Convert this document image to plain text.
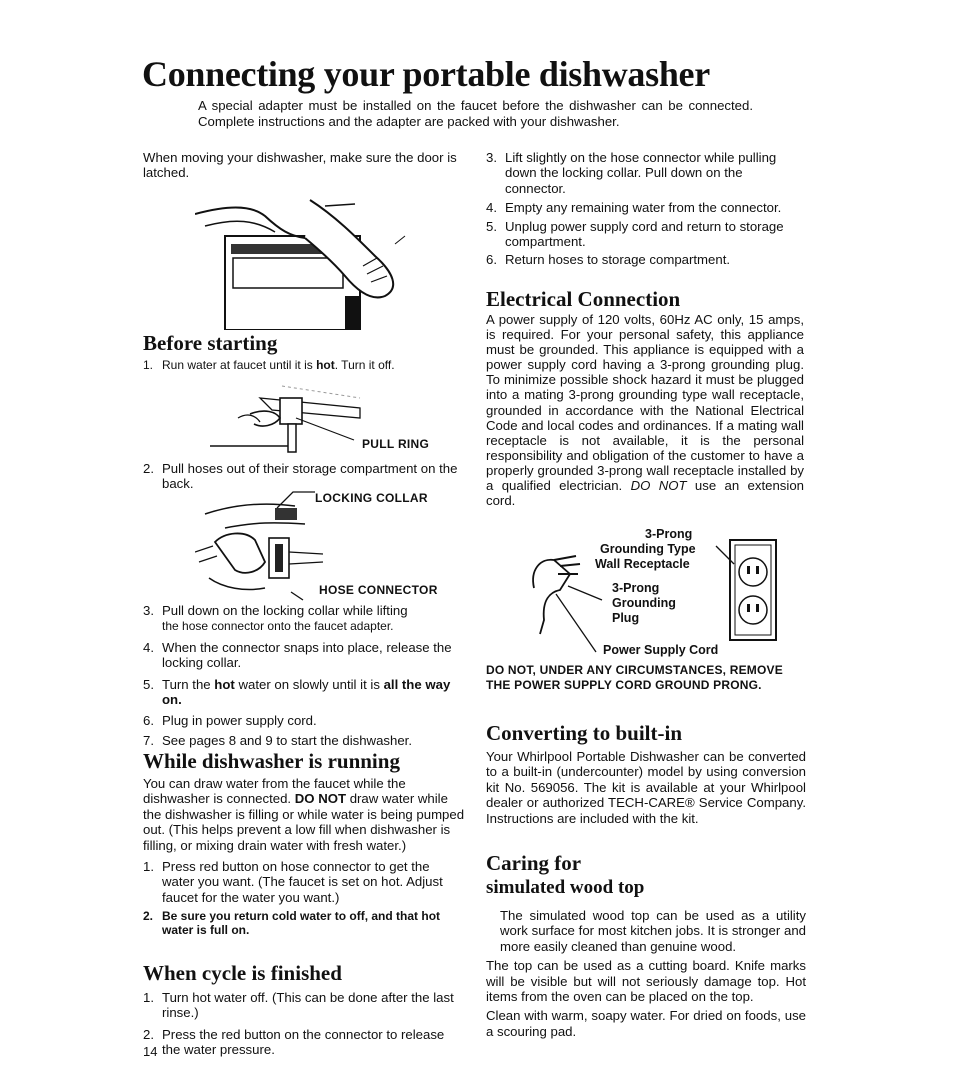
Connecting your portable dishwasher
A special adapter must be installed on the faucet before the dishwasher can be connected. Complete instructions and the adapter are packed with your dishwasher.

When moving your dishwasher, make sure the door is latched.

Before starting
1. Run water at faucet until it is hot. Turn it off.
PULL RING
2. Pull hoses out of their storage compartment on the back.
LOCKING COLLAR
HOSE CONNECTOR
3. Pull down on the locking collar while lifting
the hose connector onto the faucet adapter.
4. When the connector snaps into place, release the locking collar.
5. Turn the hot water on slowly until it is all the way on.
6. Plug in power supply cord.
7. See pages 8 and 9 to start the dishwasher.
While dishwasher is running

You can draw water from the faucet while the dishwasher is connected. DO NOT draw water while the dishwasher is filling or while water is being pumped out. (This helps prevent a low fill when dishwasher is filling, or mixing drain water with fresh water.)

1. Press red button on hose connector to get the water you want. (The faucet is set on hot. Adjust faucet for the water you want.)
2. Be sure you return cold water to off, and that hot water is full on.
When cycle is finished
1. Turn hot water off. (This can be done after the last rinse.)
2. Press the red button on the connector to release the water pressure.
14
3. Lift slightly on the hose connector while pulling down the locking collar. Pull down on the connector.
4. Empty any remaining water from the connector.
5. Unplug power supply cord and return to storage compartment.
6. Return hoses to storage compartment.
Electrical Connection

A power supply of 120 volts, 60Hz AC only, 15 amps, is required. For your personal safety, this appliance must be grounded. This appliance is equipped with a power supply cord having a 3-prong grounding plug. To minimize possible shock hazard it must be plugged into a mating 3-prong grounding type wall receptacle, grounded in accordance with the National Electrical Code and local codes and ordinances. If a mating wall receptacle is not available, it is the personal responsibility and obligation of the customer to have a properly grounded 3-prong wall receptacle installed by a qualified electrician. DO NOT use an extension cord.

3-Prong
Grounding Type
Wall Receptacle
3-Prong
Grounding
Plug
Power Supply Cord
DO NOT, UNDER ANY CIRCUMSTANCES, REMOVE THE POWER SUPPLY CORD GROUND PRONG.
Converting to built-in

Your Whirlpool Portable Dishwasher can be converted to a built-in (undercounter) model by using conversion kit No. 569056. The kit is available at your Whirlpool dealer or authorized TECH-CARE® Service Company. Instructions are included with the kit.

Caring for
simulated wood top

The simulated wood top can be used as a utility work surface for most kitchen jobs. It is stronger and more easily cleaned than genuine wood.

The top can be used as a cutting board. Knife marks will be visible but will not seriously damage top. Hot items from the oven can be placed on the top.

Clean with warm, soapy water. For dried on foods, use a scouring pad.
